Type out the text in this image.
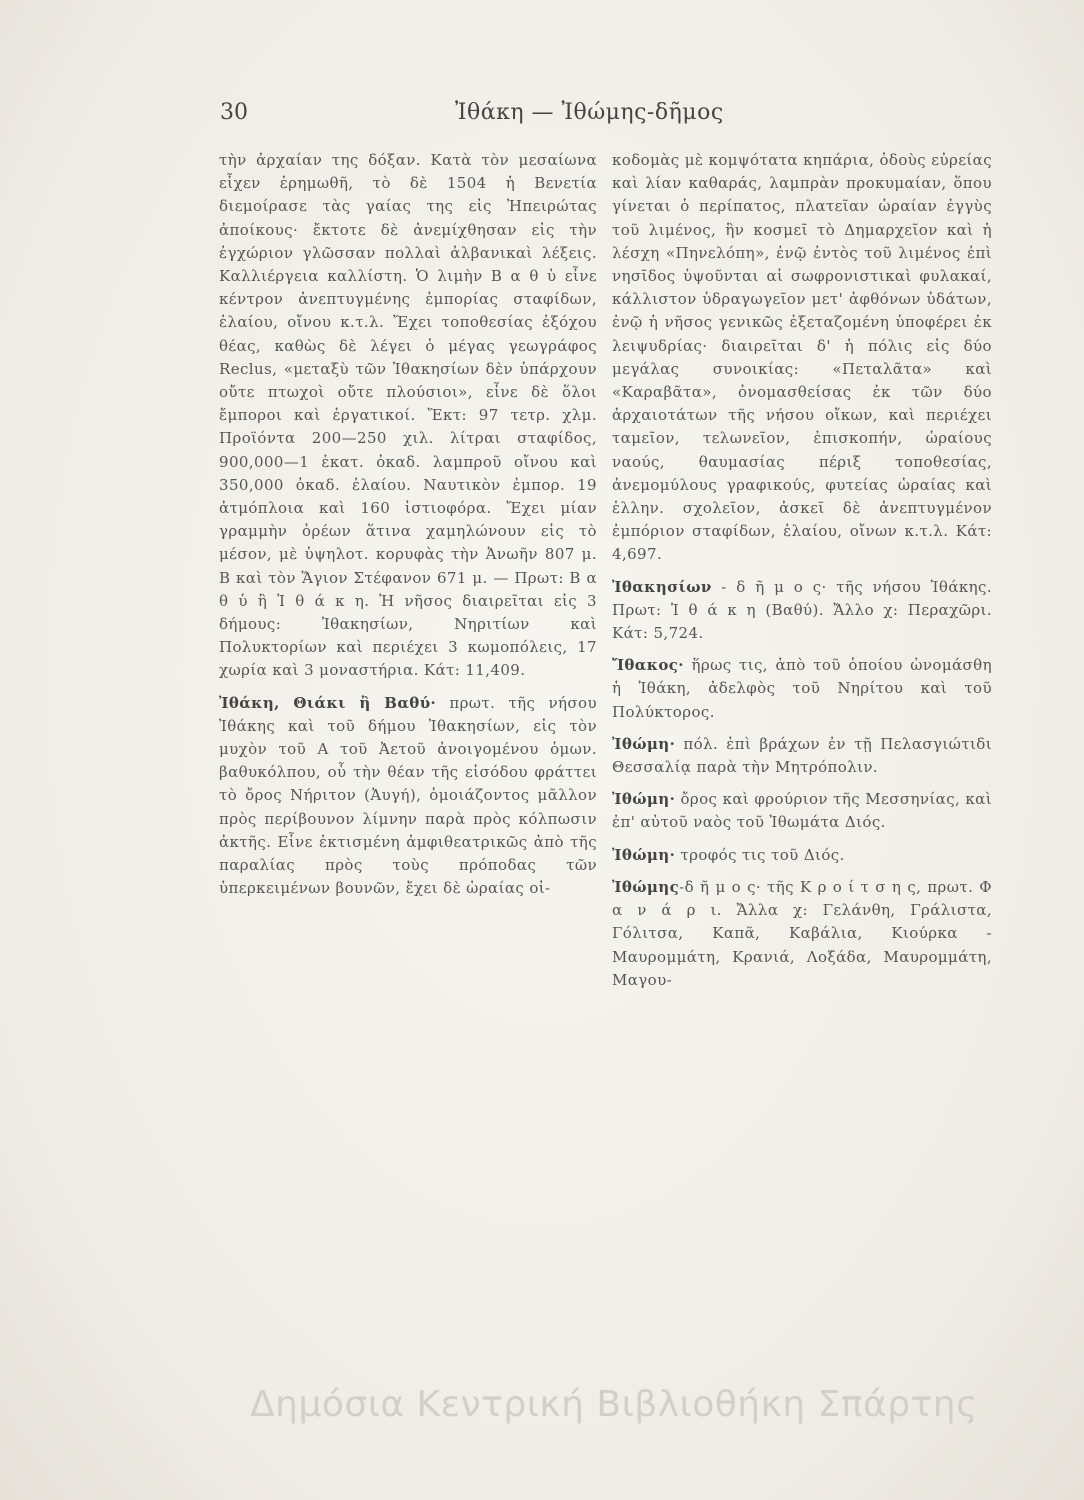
30	Ἰθάκη — Ἰθώμης-δῆμος

τὴν ἀρχαίαν της δόξαν. Κατὰ τὸν μεσαίωνα εἶχεν ἐρημωθῆ, τὸ δὲ 1504 ἡ Βενετία διεμοίρασε τὰς γαίας της εἰς Ἠπειρώτας ἀποίκους· ἔκτοτε δὲ ἀνεμίχθησαν εἰς τὴν ἐγχώριον γλῶσσαν πολλαὶ ἀλβανικαὶ λέξεις. Καλλιέργεια καλλίστη. Ὁ λιμὴν Β α θ ὑ εἶνε κέντρον ἀνεπτυγμένης ἐμπορίας σταφίδων, ἐλαίου, οἴνου κ.τ.λ. Ἔχει τοποθεσίας ἐξόχου θέας, καθὼς δὲ λέγει ὁ μέγας γεωγράφος Reclus, «μεταξὺ τῶν Ἰθακησίων δὲν ὑπάρχουν οὔτε πτωχοὶ οὔτε πλούσιοι», εἶνε δὲ ὅλοι ἔμποροι καὶ ἐργατικοί. Ἔκτ: 97 τετρ. χλμ. Προϊόντα 200—250 χιλ. λίτραι σταφίδος, 900,000—1 ἑκατ. ὀκαδ. λαμπροῦ οἴνου καὶ 350,000 ὀκαδ. ἐλαίου. Ναυτικὸν ἐμπορ. 19 ἀτμόπλοια καὶ 160 ἱστιοφόρα. Ἔχει μίαν γραμμὴν ὀρέων ἅτινα χαμηλώνουν εἰς τὸ μέσον, μὲ ὑψηλοτ. κορυφὰς τὴν Ἀνωῆν 807 μ. Β καὶ τὸν Ἅγιον Στέφανον 671 μ. — Πρωτ: Β α θ ὑ ἢ Ἰ θ ά κ η. Ἡ νῆσος διαιρεῖται εἰς 3 δήμους: Ἰθακησίων, Νηριτίων καὶ Πολυκτορίων καὶ περιέχει 3 κωμοπόλεις, 17 χωρία καὶ 3 μοναστήρια. Κάτ: 11,409.

Ἰθάκη, Θιάκι ἢ Βαθύ· πρωτ. τῆς νήσου Ἰθάκης καὶ τοῦ δήμου Ἰθακησίων, εἰς τὸν μυχὸν τοῦ Α τοῦ Ἀετοῦ ἀνοιγομένου ὁμων. βαθυκόλπου, οὗ τὴν θέαν τῆς εἰσόδου φράττει τὸ ὄρος Νήριτον (Ἀυγή), ὁμοιάζοντος μᾶλλον πρὸς περίβουνον λίμνην παρὰ πρὸς κόλπωσιν ἀκτῆς. Εἶνε ἐκτισμένη ἀμφιθεατρικῶς ἀπὸ τῆς παραλίας πρὸς τοὺς πρόποδας τῶν ὑπερκειμένων βουνῶν, ἔχει δὲ ὡραίας οἰ-

κοδομὰς μὲ κομψότατα κηπάρια, ὁδοὺς εὐρείας καὶ λίαν καθαράς, λαμπρὰν προκυμαίαν, ὅπου γίνεται ὁ περίπατος, πλατεῖαν ὡραίαν ἐγγὺς τοῦ λιμένος, ἣν κοσμεῖ τὸ Δημαρχεῖον καὶ ἡ λέσχη «Πηνελόπη», ἐνῷ ἐντὸς τοῦ λιμένος ἐπὶ νησῖδος ὑψοῦνται αἱ σωφρονιστικαὶ φυλακαί, κάλλιστον ὑδραγωγεῖον μετ' ἀφθόνων ὑδάτων, ἐνῷ ἡ νῆσος γενικῶς ἐξεταζομένη ὑποφέρει ἐκ λειψυδρίας· διαιρεῖται δ' ἡ πόλις εἰς δύο μεγάλας συνοικίας: «Πεταλᾶτα» καὶ «Καραβᾶτα», ὀνομασθείσας ἐκ τῶν δύο ἀρχαιοτάτων τῆς νήσου οἴκων, καὶ περιέχει ταμεῖον, τελωνεῖον, ἐπισκοπήν, ὡραίους ναούς, θαυμασίας πέριξ τοποθεσίας, ἀνεμομύλους γραφικούς, φυτείας ὡραίας καὶ ἑλλην. σχολεῖον, ἀσκεῖ δὲ ἀνεπτυγμένον ἐμπόριον σταφίδων, ἐλαίου, οἴνων κ.τ.λ. Κάτ: 4,697.

Ἰθακησίων - δ ῆ μ ο ς· τῆς νήσου Ἰθάκης. Πρωτ: Ἰ θ ά κ η (Βαθύ). Ἄλλο χ: Περαχῶρι. Κάτ: 5,724.

Ἴθακος· ἥρως τις, ἀπὸ τοῦ ὁποίου ὠνομάσθη ἡ Ἰθάκη, ἀδελφὸς τοῦ Νηρίτου καὶ τοῦ Πολύκτορος.

Ἰθώμη· πόλ. ἐπὶ βράχων ἐν τῇ Πελασγιώτιδι Θεσσαλίᾳ παρὰ τὴν Μητρόπολιν.

Ἰθώμη· ὄρος καὶ φρούριον τῆς Μεσσηνίας, καὶ ἐπ' αὐτοῦ ναὸς τοῦ Ἰθωμάτα Διός.

Ἰθώμη· τροφός τις τοῦ Διός.

Ἰθώμης-δ ῆ μ ο ς· τῆς Κ ρ ο ί τ σ η ς, πρωτ. Φ α ν ά ρ ι. Ἄλλα χ: Γελάνθη, Γράλιστα, Γόλιτσα, Καπᾶ, Καβάλια, Κιούρκα - Μαυρομμάτη, Κρανιά, Λοξάδα, Μαυρομμάτη, Μαγου-

Δημόσια Κεντρική Βιβλιοθήκη Σπάρτης
